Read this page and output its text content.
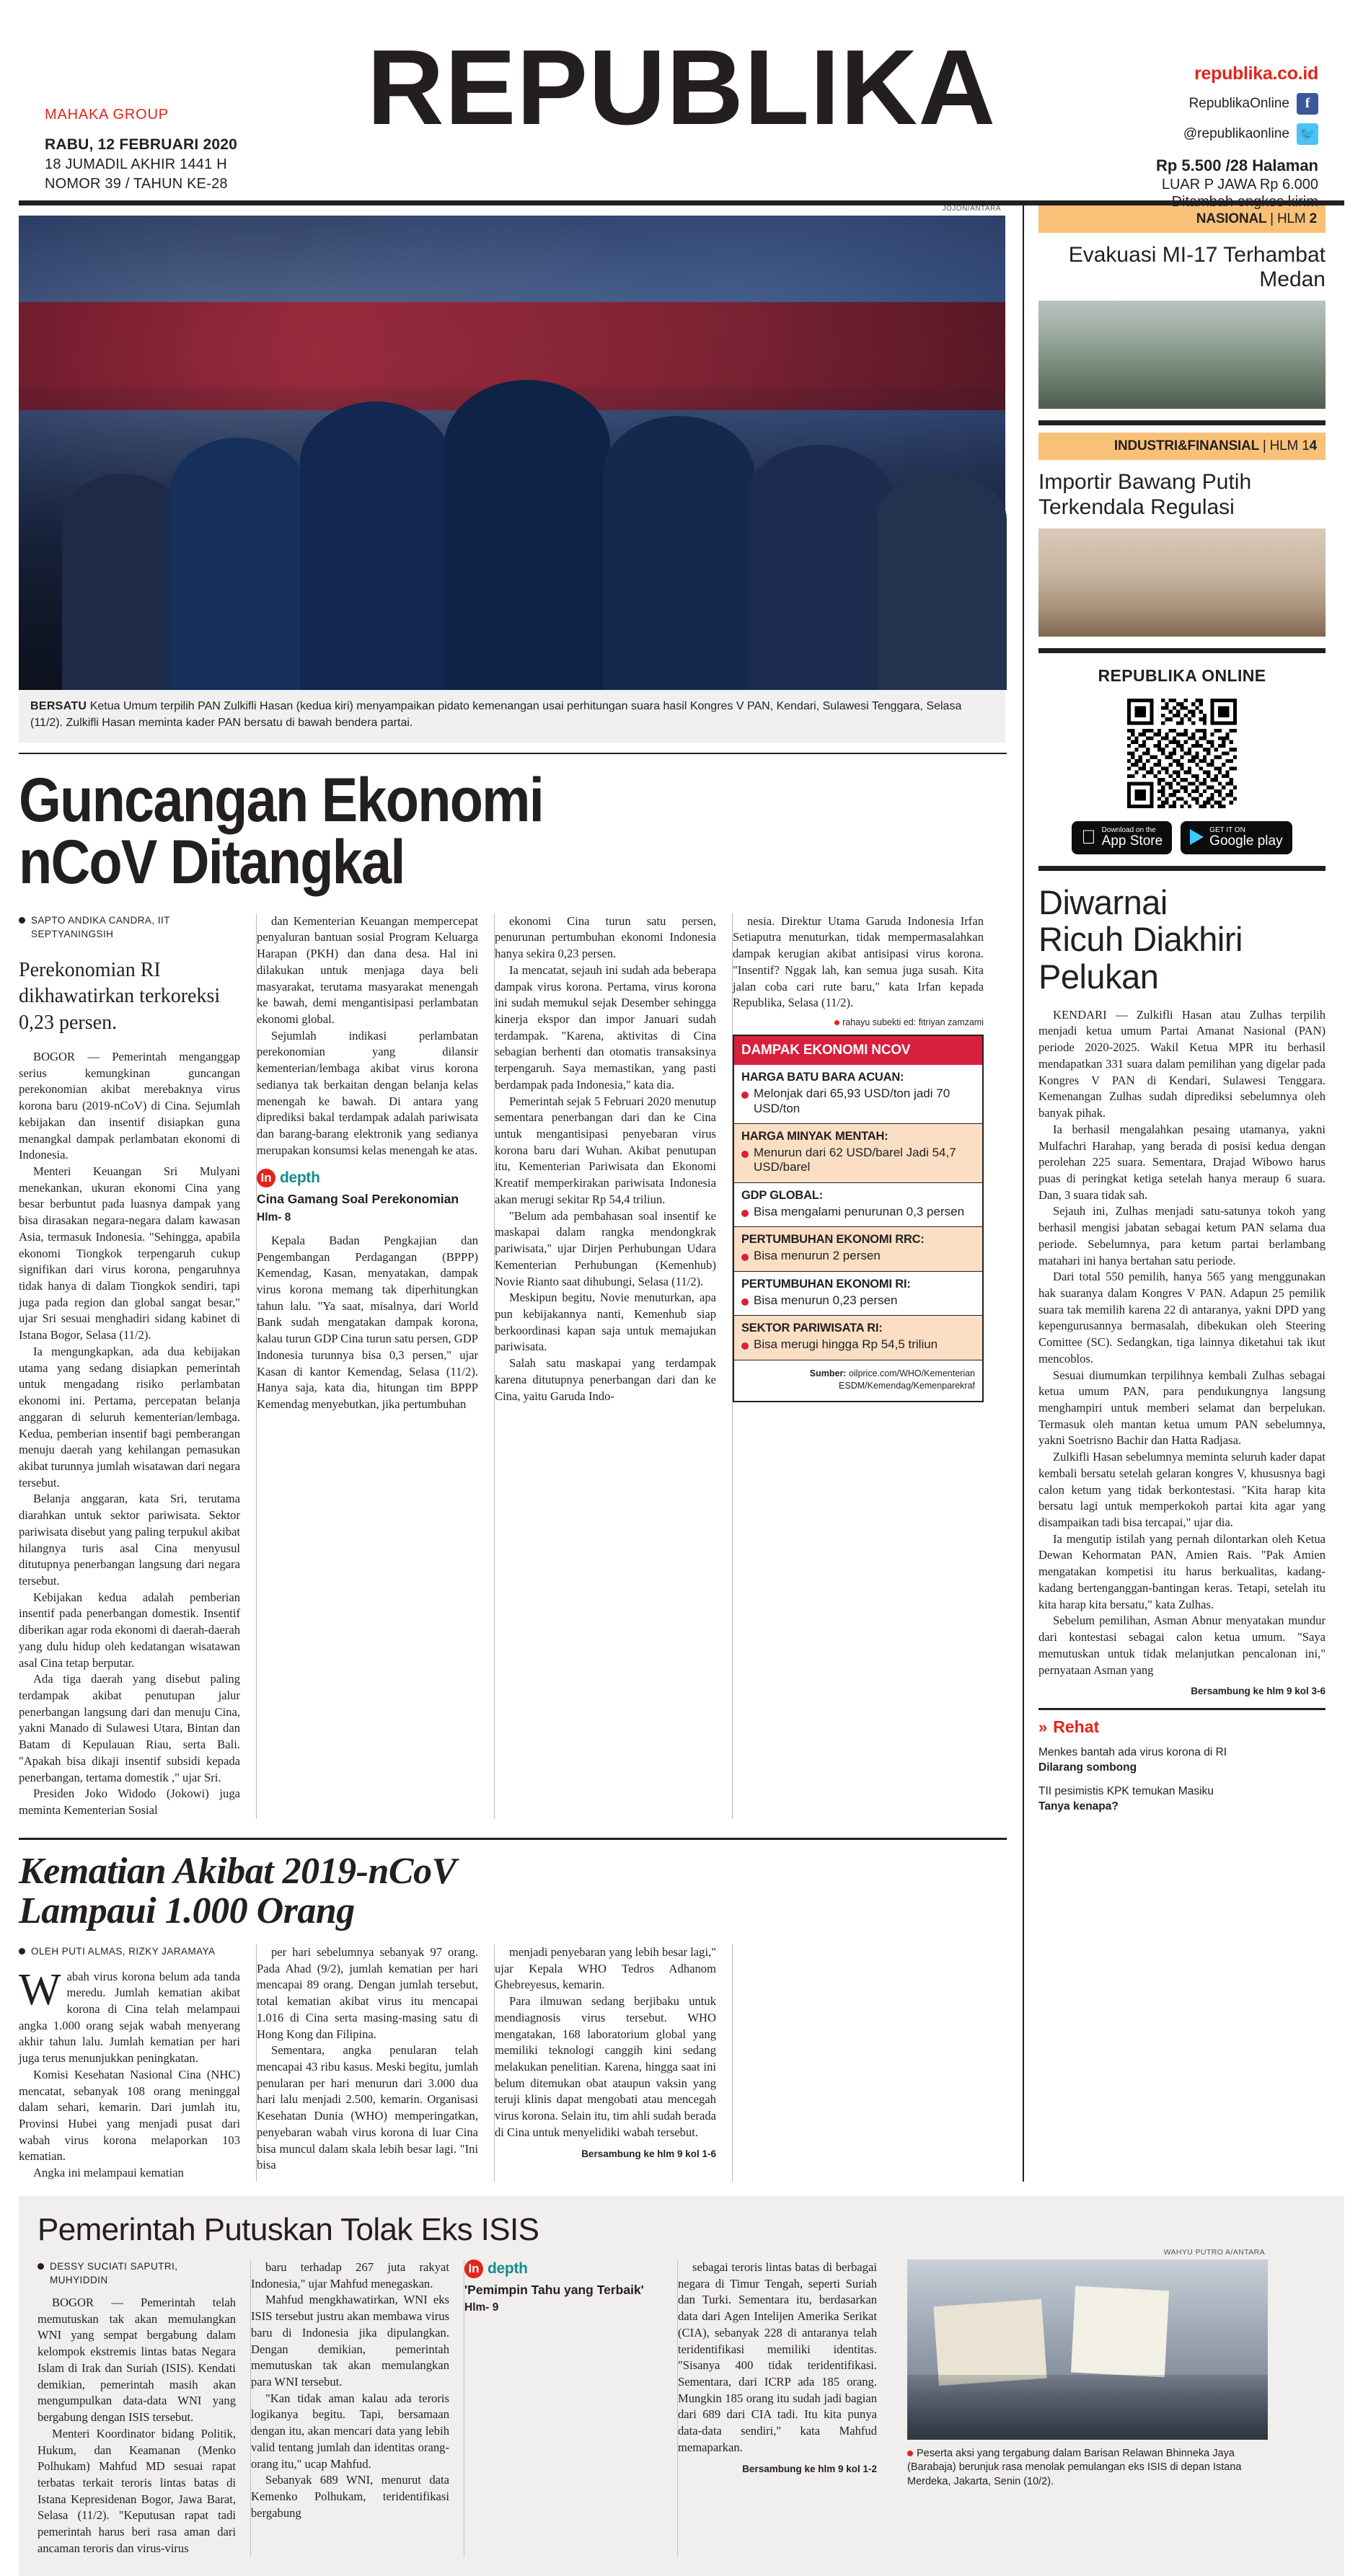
MAHAKA GROUP
RABU, 12 FEBRUARI 2020
18 JUMADIL AKHIR 1441 H
NOMOR 39 / TAHUN KE-28
REPUBLIKA	republika.co.id
RepublikaOnline	f
@republikaonline 🐦
Rp 5.500 /28 Halaman
LUAR P JAWA Rp 6.000
Ditambah ongkos kirim
JOJON/ANTARA
BERSATU Ketua Umum terpilih PAN Zulkifli Hasan (kedua kiri) menyampaikan pidato kemenangan usai perhitungan suara hasil Kongres V PAN, Kendari, Sulawesi Tenggara, Selasa (11/2). Zulkifli Hasan meminta kader PAN bersatu di bawah bendera partai.
Guncangan Ekonomi
nCoV Ditangkal
SAPTO ANDIKA CANDRA, IIT SEPTYANINGSIH
Perekonomian RI dikhawatirkan terkoreksi 0,23 persen.

BOGOR — Pemerintah menganggap serius kemungkinan guncangan perekonomian akibat merebaknya virus korona baru (2019-nCoV) di Cina. Sejumlah kebijakan dan insentif disiapkan guna menangkal dampak perlambatan ekonomi di Indonesia.

Menteri Keuangan Sri Mulyani menekankan, ukuran ekonomi Cina yang besar berbuntut pada luasnya dampak yang bisa dirasakan negara-negara dalam kawasan Asia, termasuk Indonesia. "Sehingga, apabila ekonomi Tiongkok terpengaruh cukup signifikan dari virus korona, pengaruhnya tidak hanya di dalam Tiongkok sendiri, tapi juga pada region dan global sangat besar," ujar Sri sesuai menghadiri sidang kabinet di Istana Bogor, Selasa (11/2).

Ia mengungkapkan, ada dua kebijakan utama yang sedang disiapkan pemerintah untuk mengadang risiko perlambatan ekonomi ini. Pertama, percepatan belanja anggaran di seluruh kementerian/lembaga. Kedua, pemberian insentif bagi pemberangan menuju daerah yang kehilangan pemasukan akibat turunnya jumlah wisatawan dari negara tersebut.

Belanja anggaran, kata Sri, terutama diarahkan untuk sektor pariwisata. Sektor pariwisata disebut yang paling terpukul akibat hilangnya turis asal Cina menyusul ditutupnya penerbangan langsung dari negara tersebut.

Kebijakan kedua adalah pemberian insentif pada penerbangan domestik. Insentif diberikan agar roda ekonomi di daerah-daerah yang dulu hidup oleh kedatangan wisatawan asal Cina tetap berputar.

Ada tiga daerah yang disebut paling terdampak akibat penutupan jalur penerbangan langsung dari dan menuju Cina, yakni Manado di Sulawesi Utara, Bintan dan Batam di Kepulauan Riau, serta Bali. "Apakah bisa dikaji insentif subsidi kepada penerbangan, tertama domestik ," ujar Sri.

Presiden Joko Widodo (Jokowi) juga meminta Kementerian Sosial

dan Kementerian Keuangan mempercepat penyaluran bantuan sosial Program Keluarga Harapan (PKH) dan dana desa. Hal ini dilakukan untuk menjaga daya beli masyarakat, terutama masyarakat menengah ke bawah, demi mengantisipasi perlambatan ekonomi global.

Sejumlah indikasi perlambatan perekonomian yang dilansir kementerian/lembaga akibat virus korona sedianya tak berkaitan dengan belanja kelas menengah ke bawah. Di antara yang diprediksi bakal terdampak adalah pariwisata dan barang-barang elektronik yang sedianya merupakan konsumsi kelas menengah ke atas.

In depth
Cina Gamang Soal Perekonomian
Hlm- 8

Kepala Badan Pengkajian dan Pengembangan Perdagangan (BPPP) Kemendag, Kasan, menyatakan, dampak virus korona memang tak diperhitungkan tahun lalu. "Ya saat, misalnya, dari World Bank sudah mengatakan dampak korona, kalau turun GDP Cina turun satu persen, GDP Indonesia turunnya bisa 0,3 persen," ujar Kasan di kantor Kemendag, Selasa (11/2). Hanya saja, kata dia, hitungan tim BPPP Kemendag menyebutkan, jika pertumbuhan

ekonomi Cina turun satu persen, penurunan pertumbuhan ekonomi Indonesia hanya sekira 0,23 persen.

Ia mencatat, sejauh ini sudah ada beberapa dampak virus korona. Pertama, virus korona ini sudah memukul sejak Desember sehingga kinerja ekspor dan impor Januari sudah terdampak. "Karena, aktivitas di Cina sebagian berhenti dan otomatis transaksinya terpengaruh. Saya memastikan, yang pasti berdampak pada Indonesia," kata dia.

Pemerintah sejak 5 Februari 2020 menutup sementara penerbangan dari dan ke Cina untuk mengantisipasi penyebaran virus korona baru dari Wuhan. Akibat penutupan itu, Kementerian Pariwisata dan Ekonomi Kreatif memperkirakan pariwisata Indonesia akan merugi sekitar Rp 54,4 triliun.

"Belum ada pembahasan soal insentif ke maskapai dalam rangka mendongkrak pariwisata," ujar Dirjen Perhubungan Udara Kementerian Perhubungan (Kemenhub) Novie Rianto saat dihubungi, Selasa (11/2).

Meskipun begitu, Novie menuturkan, apa pun kebijakannya nanti, Kemenhub siap berkoordinasi kapan saja untuk memajukan pariwisata.

Salah satu maskapai yang terdampak karena ditutupnya penerbangan dari dan ke Cina, yaitu Garuda Indo-

nesia. Direktur Utama Garuda Indonesia Irfan Setiaputra menuturkan, tidak mempermasalahkan dampak kerugian akibat antisipasi virus korona. "Insentif? Nggak lah, kan semua juga susah. Kita jalan coba cari rute baru," kata Irfan kepada Republika, Selasa (11/2).

rahayu subekti ed: fitriyan zamzami
DAMPAK EKONOMI NCOV
HARGA BATU BARA ACUAN:
Melonjak dari 65,93 USD/ton jadi 70 USD/ton
HARGA MINYAK MENTAH:
Menurun dari 62 USD/barel Jadi 54,7 USD/barel
GDP GLOBAL:
Bisa mengalami penurunan 0,3 persen
PERTUMBUHAN EKONOMI RRC:
Bisa menurun 2 persen
PERTUMBUHAN EKONOMI RI:
Bisa menurun 0,23 persen
SEKTOR PARIWISATA RI:
Bisa merugi hingga Rp 54,5 triliun
Sumber: oilprice.com/WHO/Kementerian ESDM/Kemendag/Kemenparekraf
Kematian Akibat 2019-nCoV
Lampaui 1.000 Orang
OLEH PUTI ALMAS, RIZKY JARAMAYA

Wabah virus korona belum ada tanda meredu. Jumlah kematian akibat korona di Cina telah melampaui angka 1.000 orang sejak wabah menyerang akhir tahun lalu. Jumlah kematian per hari juga terus menunjukkan peningkatan.

Komisi Kesehatan Nasional Cina (NHC) mencatat, sebanyak 108 orang meninggal dalam sehari, kemarin. Dari jumlah itu, Provinsi Hubei yang menjadi pusat dari wabah virus korona melaporkan 103 kematian.

Angka ini melampaui kematian

per hari sebelumnya sebanyak 97 orang. Pada Ahad (9/2), jumlah kematian per hari mencapai 89 orang. Dengan jumlah tersebut, total kematian akibat virus itu mencapai 1.016 di Cina serta masing-masing satu di Hong Kong dan Filipina.

Sementara, angka penularan telah mencapai 43 ribu kasus. Meski begitu, jumlah penularan per hari menurun dari 3.000 dua hari lalu menjadi 2.500, kemarin. Organisasi Kesehatan Dunia (WHO) memperingatkan, penyebaran wabah virus korona di luar Cina bisa muncul dalam skala lebih besar lagi. "Ini bisa

menjadi penyebaran yang lebih besar lagi," ujar Kepala WHO Tedros Adhanom Ghebreyesus, kemarin.

Para ilmuwan sedang berjibaku untuk mendiagnosis virus tersebut. WHO mengatakan, 168 laboratorium global yang memiliki teknologi canggih kini sedang melakukan penelitian. Karena, hingga saat ini belum ditemukan obat ataupun vaksin yang teruji klinis dapat mengobati atau mencegah virus korona. Selain itu, tim ahli sudah berada di Cina untuk menyelidiki wabah tersebut.

Bersambung ke hlm 9 kol 1-6
NASIONAL | HLM 2
Evakuasi MI-17 Terhambat Medan
INDUSTRI&FINANSIAL | HLM 14
Importir Bawang Putih Terkendala Regulasi
REPUBLIKA ONLINE
Download on the
App Store
GET IT ON
Google play
Diwarnai
Ricuh Diakhiri
Pelukan

KENDARI — Zulkifli Hasan atau Zulhas terpilih menjadi ketua umum Partai Amanat Nasional (PAN) periode 2020-2025. Wakil Ketua MPR itu berhasil mendapatkan 331 suara dalam pemilihan yang digelar pada Kongres V PAN di Kendari, Sulawesi Tenggara. Kemenangan Zulhas sudah diprediksi sebelumnya oleh banyak pihak.

Ia berhasil mengalahkan pesaing utamanya, yakni Mulfachri Harahap, yang berada di posisi kedua dengan perolehan 225 suara. Sementara, Drajad Wibowo harus puas di peringkat ketiga setelah hanya meraup 6 suara. Dan, 3 suara tidak sah.

Sejauh ini, Zulhas menjadi satu-satunya tokoh yang berhasil mengisi jabatan sebagai ketum PAN selama dua periode. Sebelumnya, para ketum partai berlambang matahari ini hanya bertahan satu periode.

Dari total 550 pemilih, hanya 565 yang menggunakan hak suaranya dalam Kongres V PAN. Adapun 25 pemilik suara tak memilih karena 22 di antaranya, yakni DPD yang kepengurusannya bermasalah, dibekukan oleh Steering Comittee (SC). Sedangkan, tiga lainnya diketahui tak ikut mencoblos.

Sesuai diumumkan terpilihnya kembali Zulhas sebagai ketua umum PAN, para pendukungnya langsung menghampiri untuk memberi selamat dan berpelukan. Termasuk oleh mantan ketua umum PAN sebelumnya, yakni Soetrisno Bachir dan Hatta Radjasa.

Zulkifli Hasan sebelumnya meminta seluruh kader dapat kembali bersatu setelah gelaran kongres V, khususnya bagi calon ketum yang tidak berkontestasi. "Kita harap kita bersatu lagi untuk memperkokoh partai kita agar yang disampaikan tadi bisa tercapai," ujar dia.

Ia mengutip istilah yang pernah dilontarkan oleh Ketua Dewan Kehormatan PAN, Amien Rais. "Pak Amien mengatakan kompetisi itu harus berkualitas, kadang-kadang bertenganggan-bantingan keras. Tetapi, setelah itu kita harap kita bersatu," kata Zulhas.

Sebelum pemilihan, Asman Abnur menyatakan mundur dari kontestasi sebagai calon ketua umum. "Saya memutuskan untuk tidak melanjutkan pencalonan ini," pernyataan Asman yang

Bersambung ke hlm 9 kol 3-6
» Rehat
Menkes bantah ada virus korona di RI
Dilarang sombong
TII pesimistis KPK temukan Masiku
Tanya kenapa?
Pemerintah Putuskan Tolak Eks ISIS
DESSY SUCIATI SAPUTRI, MUHYIDDIN

BOGOR — Pemerintah telah memutuskan tak akan memulangkan WNI yang sempat bergabung dalam kelompok ekstremis lintas batas Negara Islam di Irak dan Suriah (ISIS). Kendati demikian, pemerintah masih akan mengumpulkan data-data WNI yang bergabung dengan ISIS tersebut.

Menteri Koordinator bidang Politik, Hukum, dan Keamanan (Menko Polhukam) Mahfud MD sesuai rapat terbatas terkait teroris lintas batas di Istana Kepresidenan Bogor, Jawa Barat, Selasa (11/2). "Keputusan rapat tadi pemerintah harus beri rasa aman dari ancaman teroris dan virus-virus

baru terhadap 267 juta rakyat Indonesia," ujar Mahfud menegaskan.

Mahfud mengkhawatirkan, WNI eks ISIS tersebut justru akan membawa virus baru di Indonesia jika dipulangkan. Dengan demikian, pemerintah memutuskan tak akan memulangkan para WNI tersebut.

"Kan tidak aman kalau ada teroris logikanya begitu. Tapi, bersamaan dengan itu, akan mencari data yang lebih valid tentang jumlah dan identitas orang-orang itu," ucap Mahfud.

Sebanyak 689 WNI, menurut data Kemenko Polhukam, teridentifikasi bergabung

In depth
'Pemimpin Tahu yang Terbaik'
Hlm- 9

sebagai teroris lintas batas di berbagai negara di Timur Tengah, seperti Suriah dan Turki. Sementara itu, berdasarkan data dari Agen Intelijen Amerika Serikat (CIA), sebanyak 228 di antaranya telah teridentifikasi memiliki identitas. "Sisanya 400 tidak teridentifikasi. Sementara, dari ICRP ada 185 orang. Mungkin 185 orang itu sudah jadi bagian dari 689 dari CIA tadi. Itu kita punya data-data sendiri," kata Mahfud memaparkan.

Bersambung ke hlm 9 kol 1-2
WAHYU PUTRO A/ANTARA
Peserta aksi yang tergabung dalam Barisan Relawan Bhinneka Jaya (Barabaja) berunjuk rasa menolak pemulangan eks ISIS di depan Istana Merdeka, Jakarta, Senin (10/2).
